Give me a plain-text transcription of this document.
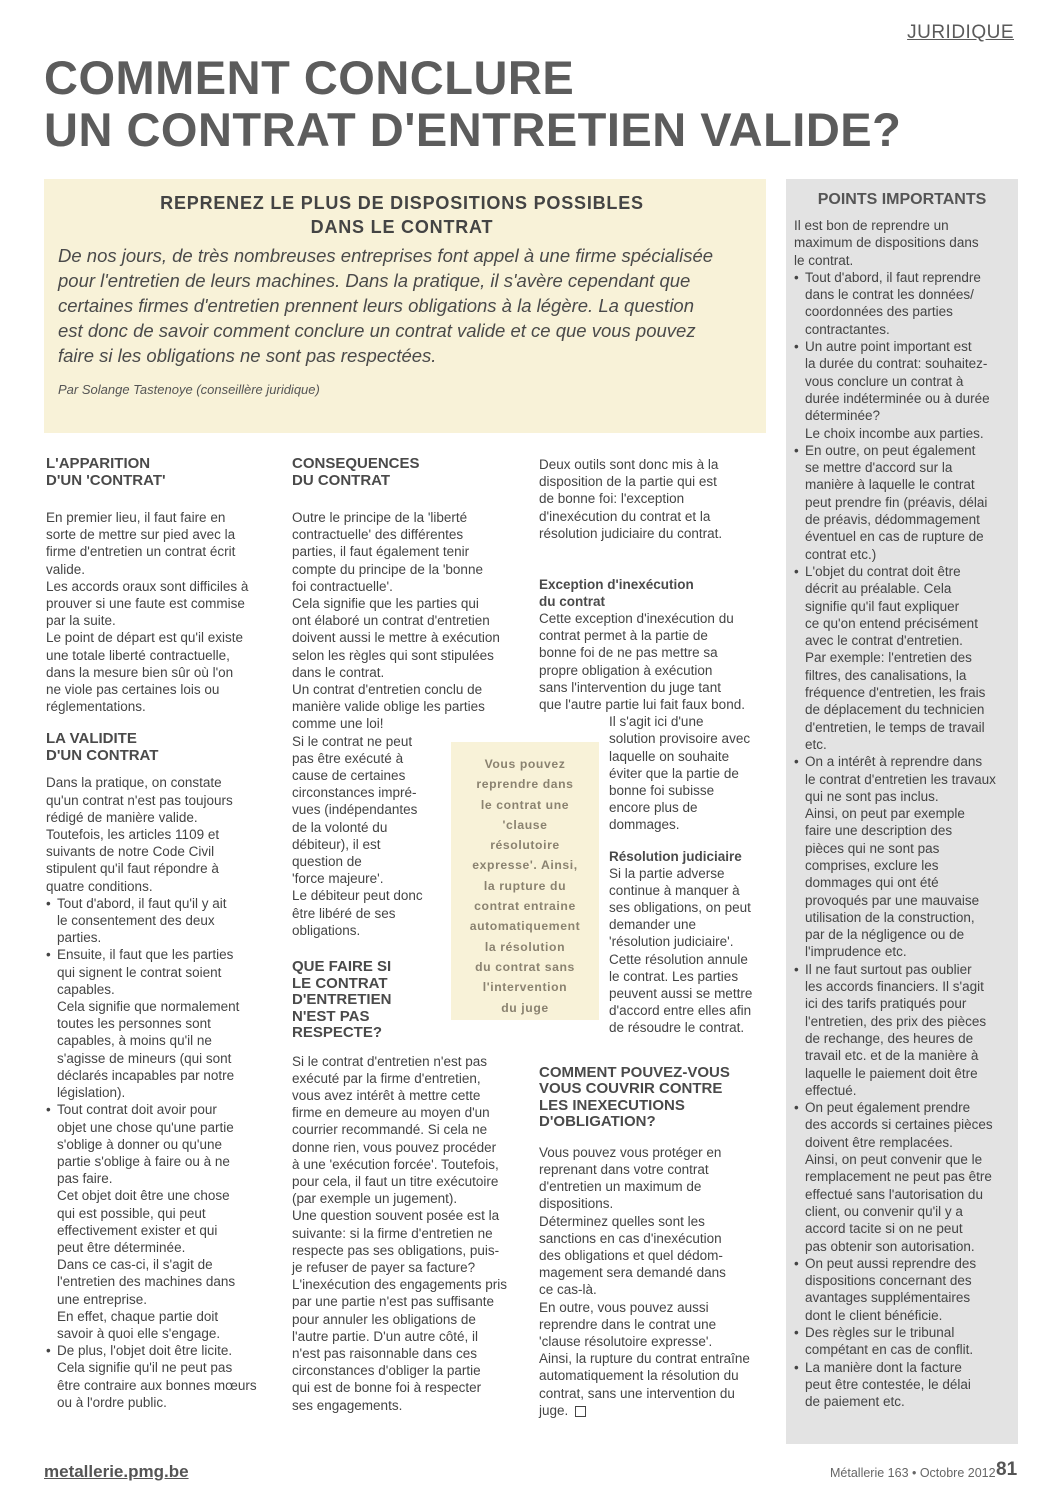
JURIDIQUE
COMMENT CONCLURE
UN CONTRAT D'ENTRETIEN VALIDE?
REPRENEZ LE PLUS DE DISPOSITIONS POSSIBLES
DANS LE CONTRAT

De nos jours, de très nombreuses entreprises font appel à une firme spécialisée
pour l'entretien de leurs machines. Dans la pratique, il s'avère cependant que
certaines firmes d'entretien prennent leurs obligations à la légère. La question
est donc de savoir comment conclure un contrat valide et ce que vous pouvez
faire si les obligations ne sont pas respectées.

Par Solange Tastenoye (conseillère juridique)
L'APPARITION
D'UN 'CONTRAT'
En premier lieu, il faut faire en
sorte de mettre sur pied avec la
firme d'entretien un contrat écrit
valide.
Les accords oraux sont difficiles à
prouver si une faute est commise
par la suite.
Le point de départ est qu'il existe
une totale liberté contractuelle,
dans la mesure bien sûr où l'on
ne viole pas certaines lois ou
réglementations.
LA VALIDITE
D'UN CONTRAT
Dans la pratique, on constate
qu'un contrat n'est pas toujours
rédigé de manière valide.
Toutefois, les articles 1109 et
suivants de notre Code Civil
stipulent qu'il faut répondre à
quatre conditions.
• Tout d'abord, il faut qu'il y ait
le consentement des deux
parties.
• Ensuite, il faut que les parties
qui signent le contrat soient
capables.
Cela signifie que normalement
toutes les personnes sont
capables, à moins qu'il ne
s'agisse de mineurs (qui sont
déclarés incapables par notre
législation).
• Tout contrat doit avoir pour
objet une chose qu'une partie
s'oblige à donner ou qu'une
partie s'oblige à faire ou à ne
pas faire.
Cet objet doit être une chose
qui est possible, qui peut
effectivement exister et qui
peut être déterminée.
Dans ce cas-ci, il s'agit de
l'entretien des machines dans
une entreprise.
En effet, chaque partie doit
savoir à quoi elle s'engage.
• De plus, l'objet doit être licite.
Cela signifie qu'il ne peut pas
être contraire aux bonnes mœurs
ou à l'ordre public.
CONSEQUENCES
DU CONTRAT
Outre le principe de la 'liberté
contractuelle' des différentes
parties, il faut également tenir
compte du principe de la 'bonne
foi contractuelle'.
Cela signifie que les parties qui
ont élaboré un contrat d'entretien
doivent aussi le mettre à exécution
selon les règles qui sont stipulées
dans le contrat.
Un contrat d'entretien conclu de
manière valide oblige les parties
comme une loi!
Si le contrat ne peut
pas être exécuté à
cause de certaines
circonstances impré-
vues (indépendantes
de la volonté du
débiteur), il est
question de
'force majeure'.
Le débiteur peut donc
être libéré de ses
obligations.
QUE FAIRE SI
LE CONTRAT
D'ENTRETIEN
N'EST PAS
RESPECTE?
Si le contrat d'entretien n'est pas
exécuté par la firme d'entretien,
vous avez intérêt à mettre cette
firme en demeure au moyen d'un
courrier recommandé. Si cela ne
donne rien, vous pouvez procéder
à une 'exécution forcée'. Toutefois,
pour cela, il faut un titre exécutoire
(par exemple un jugement).
Une question souvent posée est la
suivante: si la firme d'entretien ne
respecte pas ses obligations, puis-
je refuser de payer sa facture?
L'inexécution des engagements pris
par une partie n'est pas suffisante
pour annuler les obligations de
l'autre partie. D'un autre côté, il
n'est pas raisonnable dans ces
circonstances d'obliger la partie
qui est de bonne foi à respecter
ses engagements.
Deux outils sont donc mis à la
disposition de la partie qui est
de bonne foi: l'exception
d'inexécution du contrat et la
résolution judiciaire du contrat.
Exception d'inexécution
du contrat
Cette exception d'inexécution du
contrat permet à la partie de
bonne foi de ne pas mettre sa
propre obligation à exécution
sans l'intervention du juge tant
que l'autre partie lui fait faux bond.
Il s'agit ici d'une
solution provisoire avec
laquelle on souhaite
éviter que la partie de
bonne foi subisse
encore plus de
dommages.
Résolution judiciaire
Si la partie adverse
continue à manquer à
ses obligations, on peut
demander une
'résolution judiciaire'.
Cette résolution annule
le contrat. Les parties
peuvent aussi se mettre
d'accord entre elles afin
de résoudre le contrat.
COMMENT POUVEZ-VOUS
VOUS COUVRIR CONTRE
LES INEXECUTIONS
D'OBLIGATION?
Vous pouvez vous protéger en
reprenant dans votre contrat
d'entretien un maximum de
dispositions.
Déterminez quelles sont les
sanctions en cas d'inexécution
des obligations et quel dédom-
magement sera demandé dans
ce cas-là.
En outre, vous pouvez aussi
reprendre dans le contrat une
'clause résolutoire expresse'.
Ainsi, la rupture du contrat entraîne
automatiquement la résolution du
contrat, sans une intervention du
juge.
Vous pouvez
reprendre dans
le contrat une
'clause
résolutoire
expresse'. Ainsi,
la rupture du
contrat entraine
automatiquement
la résolution
du contrat sans
l'intervention
du juge
POINTS IMPORTANTS
Il est bon de reprendre un
maximum de dispositions dans
le contrat.
• Tout d'abord, il faut reprendre
dans le contrat les données/
coordonnées des parties
contractantes.
• Un autre point important est
la durée du contrat: souhaitez-
vous conclure un contrat à
durée indéterminée ou à durée
déterminée?
Le choix incombe aux parties.
• En outre, on peut également
se mettre d'accord sur la
manière à laquelle le contrat
peut prendre fin (préavis, délai
de préavis, dédommagement
éventuel en cas de rupture de
contrat etc.)
• L'objet du contrat doit être
décrit au préalable. Cela
signifie qu'il faut expliquer
ce qu'on entend précisément
avec le contrat d'entretien.
Par exemple: l'entretien des
filtres, des canalisations, la
fréquence d'entretien, les frais
de déplacement du technicien
d'entretien, le temps de travail
etc.
• On a intérêt à reprendre dans
le contrat d'entretien les travaux
qui ne sont pas inclus.
Ainsi, on peut par exemple
faire une description des
pièces qui ne sont pas
comprises, exclure les
dommages qui ont été
provoqués par une mauvaise
utilisation de la construction,
par de la négligence ou de
l'imprudence etc.
• Il ne faut surtout pas oublier
les accords financiers. Il s'agit
ici des tarifs pratiqués pour
l'entretien, des prix des pièces
de rechange, des heures de
travail etc. et de la manière à
laquelle le paiement doit être
effectué.
• On peut également prendre
des accords si certaines pièces
doivent être remplacées.
Ainsi, on peut convenir que le
remplacement ne peut pas être
effectué sans l'autorisation du
client, ou convenir qu'il y a
accord tacite si on ne peut
pas obtenir son autorisation.
• On peut aussi reprendre des
dispositions concernant des
avantages supplémentaires
dont le client bénéficie.
• Des règles sur le tribunal
compétant en cas de conflit.
• La manière dont la facture
peut être contestée, le délai
de paiement etc.
metallerie.pmg.be	Métallerie 163 • Octobre 2012 81
